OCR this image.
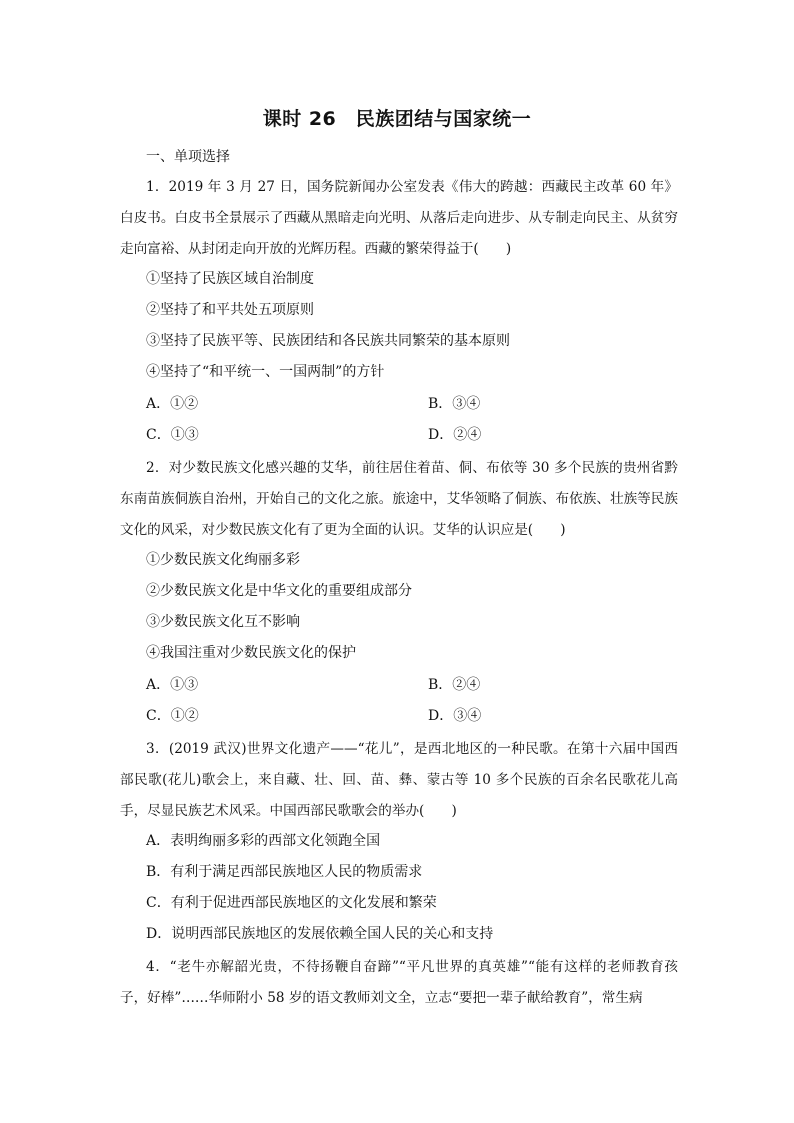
课时 26　民族团结与国家统一
一、单项选择
1．2019 年 3 月 27 日，国务院新闻办公室发表《伟大的跨越：西藏民主改革 60 年》白皮书。白皮书全景展示了西藏从黑暗走向光明、从落后走向进步、从专制走向民主、从贫穷走向富裕、从封闭走向开放的光辉历程。西藏的繁荣得益于(　　)
①坚持了民族区域自治制度
②坚持了和平共处五项原则
③坚持了民族平等、民族团结和各民族共同繁荣的基本原则
④坚持了“和平统一、一国两制”的方针
A．①②	B．③④
C．①③	D．②④
2．对少数民族文化感兴趣的艾华，前往居住着苗、侗、布依等 30 多个民族的贵州省黔东南苗族侗族自治州，开始自己的文化之旅。旅途中，艾华领略了侗族、布依族、壮族等民族文化的风采，对少数民族文化有了更为全面的认识。艾华的认识应是(　　)
①少数民族文化绚丽多彩
②少数民族文化是中华文化的重要组成部分
③少数民族文化互不影响
④我国注重对少数民族文化的保护
A．①③	B．②④
C．①②	D．③④
3．(2019 武汉)世界文化遗产——“花儿”，是西北地区的一种民歌。在第十六届中国西部民歌(花儿)歌会上，来自藏、壮、回、苗、彝、蒙古等 10 多个民族的百余名民歌花儿高手，尽显民族艺术风采。中国西部民歌歌会的举办(　　)
A．表明绚丽多彩的西部文化领跑全国
B．有利于满足西部民族地区人民的物质需求
C．有利于促进西部民族地区的文化发展和繁荣
D．说明西部民族地区的发展依赖全国人民的关心和支持
4．“老牛亦解韶光贵，不待扬鞭自奋蹄”“平凡世界的真英雄”“能有这样的老师教育孩子，好棒”……华师附小 58 岁的语文教师刘文全，立志“要把一辈子献给教育”，常生病
